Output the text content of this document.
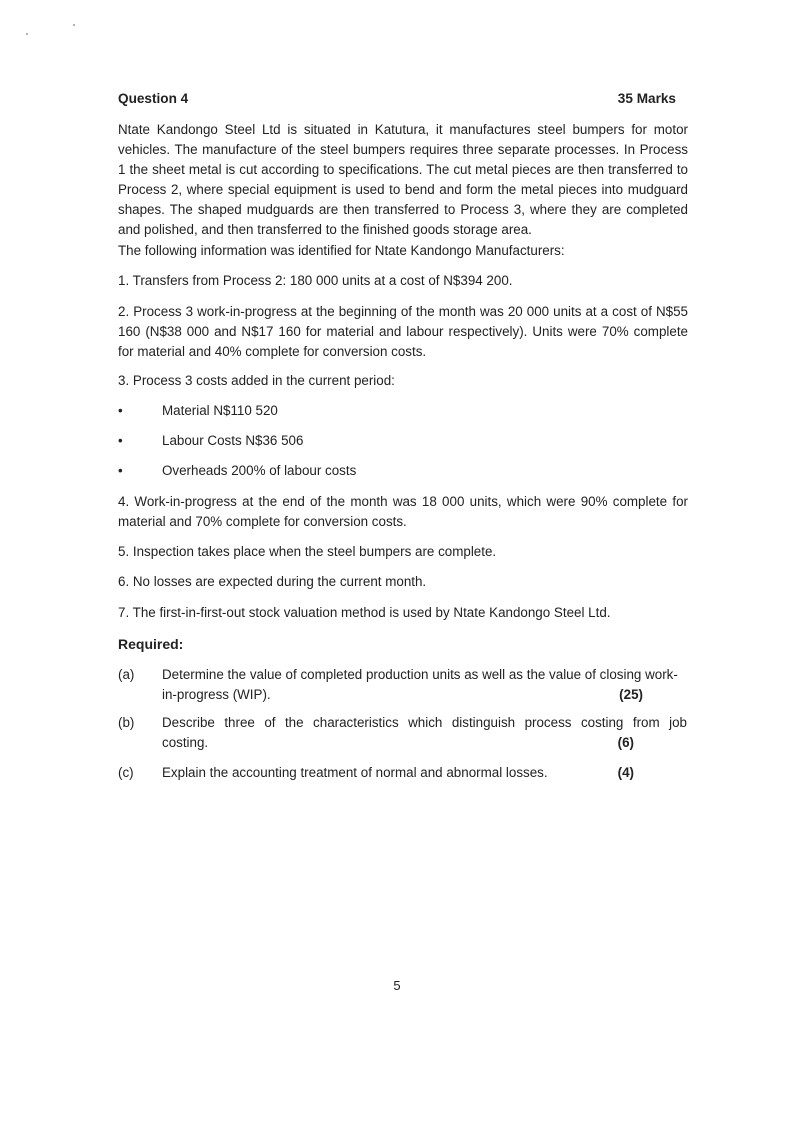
Question 4	35 Marks
Ntate Kandongo Steel Ltd is situated in Katutura, it manufactures steel bumpers for motor vehicles. The manufacture of the steel bumpers requires three separate processes. In Process 1 the sheet metal is cut according to specifications. The cut metal pieces are then transferred to Process 2, where special equipment is used to bend and form the metal pieces into mudguard shapes. The shaped mudguards are then transferred to Process 3, where they are completed and polished, and then transferred to the finished goods storage area.
The following information was identified for Ntate Kandongo Manufacturers:
1. Transfers from Process 2: 180 000 units at a cost of N$394 200.
2. Process 3 work-in-progress at the beginning of the month was 20 000 units at a cost of N$55 160 (N$38 000 and N$17 160 for material and labour respectively). Units were 70% complete for material and 40% complete for conversion costs.
3. Process 3 costs added in the current period:
•	Material N$110 520
•	Labour Costs N$36 506
•	Overheads 200% of labour costs
4. Work-in-progress at the end of the month was 18 000 units, which were 90% complete for material and 70% complete for conversion costs.
5. Inspection takes place when the steel bumpers are complete.
6. No losses are expected during the current month.
7. The first-in-first-out stock valuation method is used by Ntate Kandongo Steel Ltd.
Required:
(a) Determine the value of completed production units as well as the value of closing work-
in-progress (WIP).	(25)
(b) Describe three of the characteristics which distinguish process costing from job
costing.	(6)
(c) Explain the accounting treatment of normal and abnormal losses.	(4)
5
